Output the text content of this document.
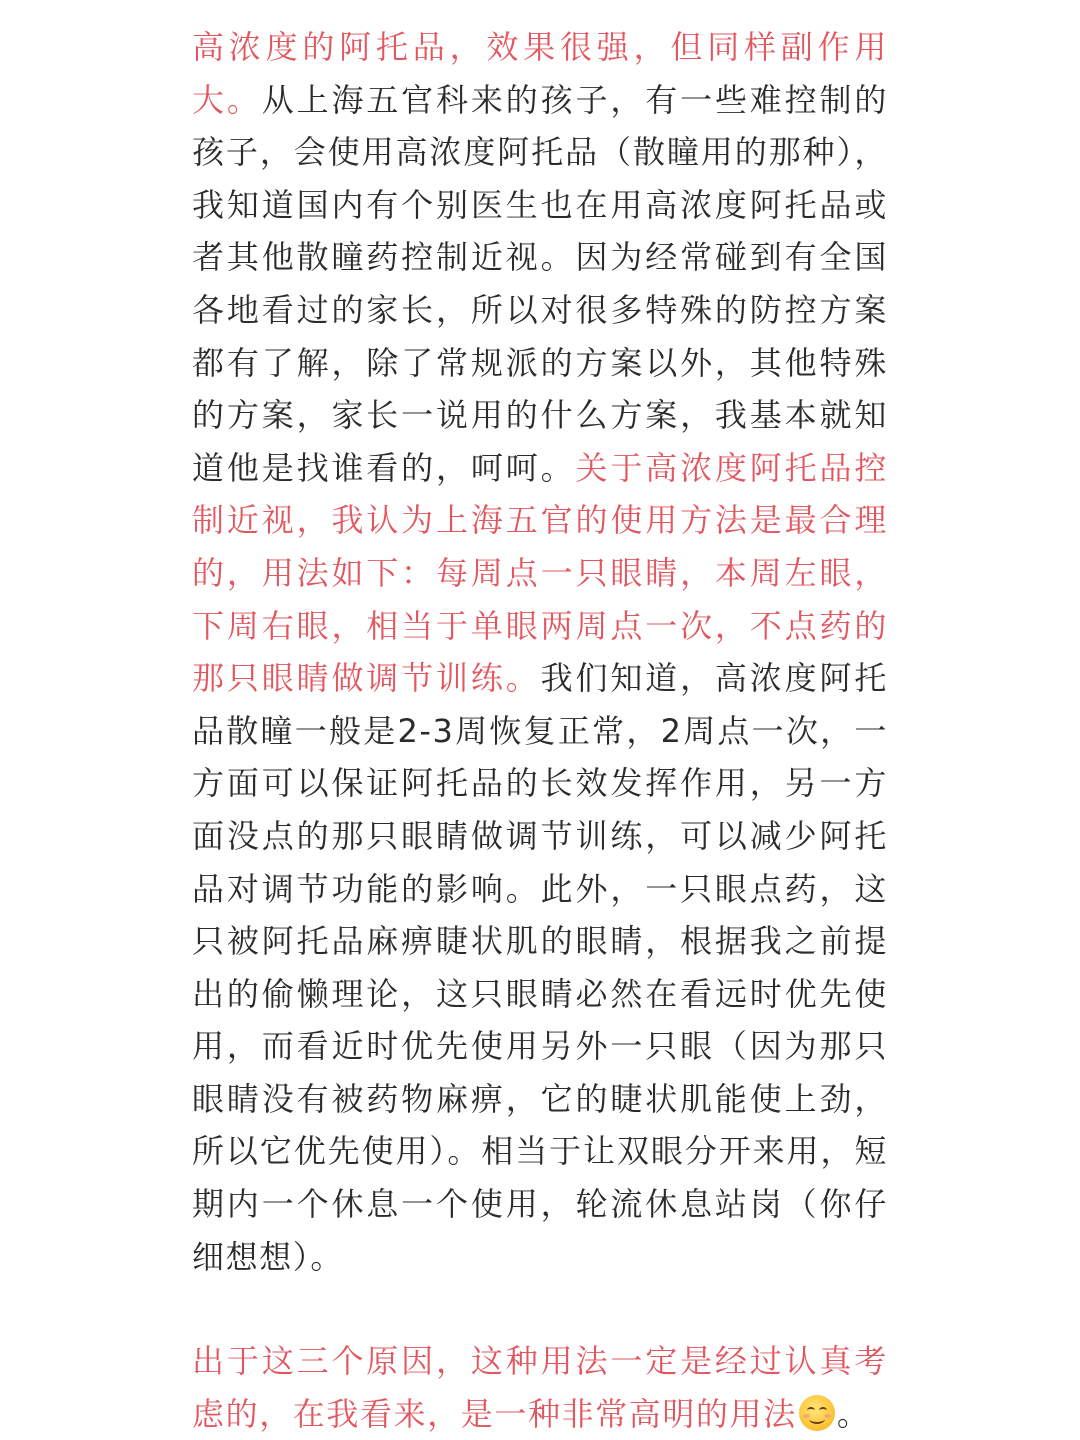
高浓度的阿托品，效果很强，但同样副作用大。从上海五官科来的孩子，有一些难控制的孩子，会使用高浓度阿托品（散瞳用的那种），我知道国内有个别医生也在用高浓度阿托品或者其他散瞳药控制近视。因为经常碰到有全国各地看过的家长，所以对很多特殊的防控方案都有了解，除了常规派的方案以外，其他特殊的方案，家长一说用的什么方案，我基本就知道他是找谁看的，呵呵。关于高浓度阿托品控制近视，我认为上海五官的使用方法是最合理的，用法如下：每周点一只眼睛，本周左眼，下周右眼，相当于单眼两周点一次，不点药的那只眼睛做调节训练。我们知道，高浓度阿托品散瞳一般是2-3周恢复正常，2周点一次，一方面可以保证阿托品的长效发挥作用，另一方面没点的那只眼睛做调节训练，可以减少阿托品对调节功能的影响。此外，一只眼点药，这只被阿托品麻痹睫状肌的眼睛，根据我之前提出的偷懒理论，这只眼睛必然在看远时优先使用，而看近时优先使用另外一只眼（因为那只眼睛没有被药物麻痹，它的睫状肌能使上劲，所以它优先使用）。相当于让双眼分开来用，短期内一个休息一个使用，轮流休息站岗（你仔细想想）。

出于这三个原因，这种用法一定是经过认真考虑的，在我看来，是一种非常高明的用法 。
